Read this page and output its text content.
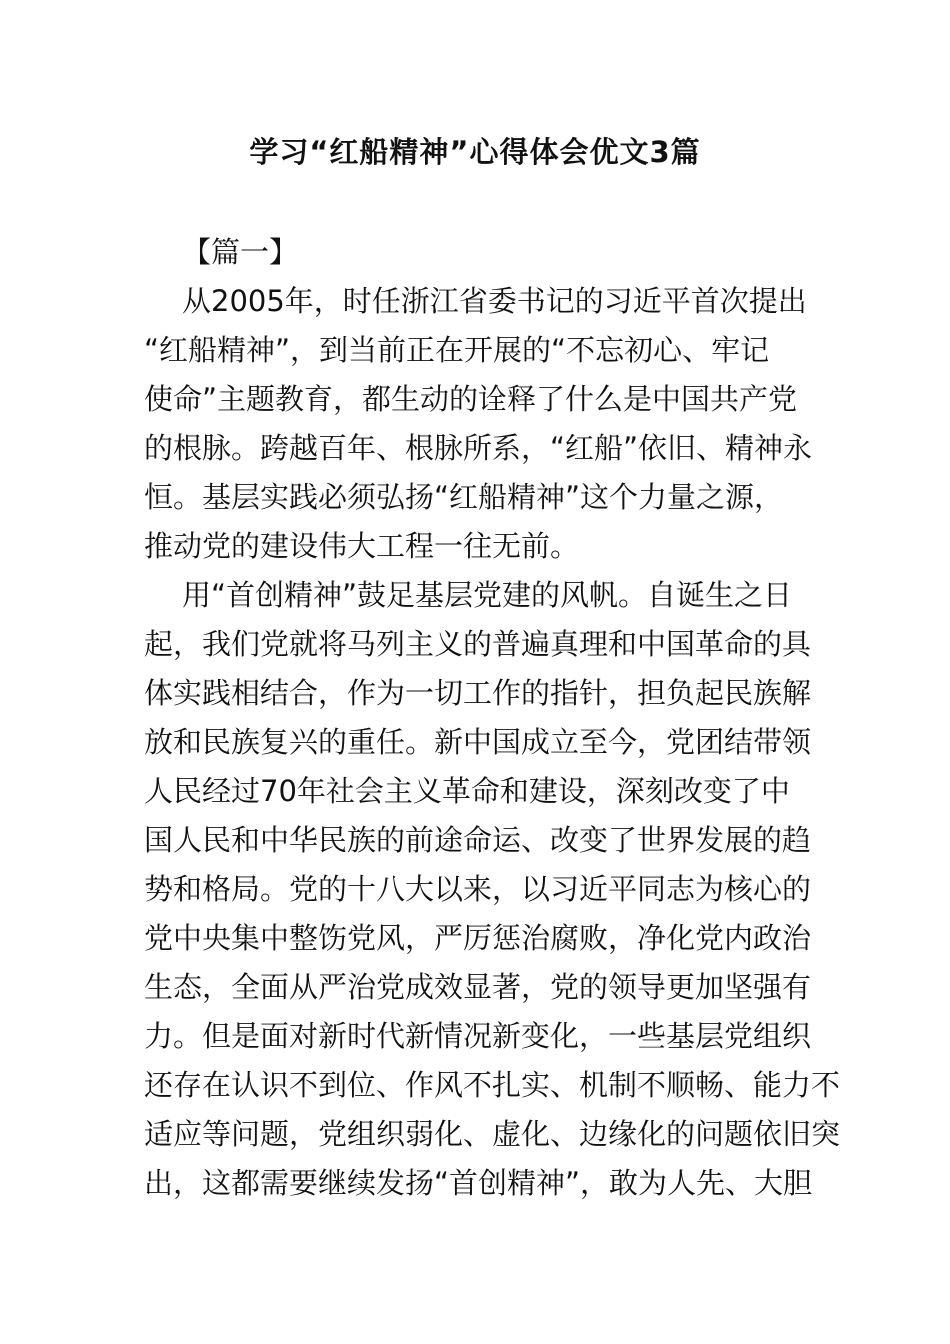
学习“红船精神”心得体会优文3篇
【篇一】
从2005年，时任浙江省委书记的习近平首次提出
“红船精神”，到当前正在开展的“不忘初心、牢记
使命”主题教育，都生动的诠释了什么是中国共产党
的根脉。跨越百年、根脉所系，“红船”依旧、精神永
恒。基层实践必须弘扬“红船精神”这个力量之源，
推动党的建设伟大工程一往无前。
用“首创精神”鼓足基层党建的风帆。自诞生之日
起，我们党就将马列主义的普遍真理和中国革命的具
体实践相结合，作为一切工作的指针，担负起民族解
放和民族复兴的重任。新中国成立至今，党团结带领
人民经过70年社会主义革命和建设，深刻改变了中
国人民和中华民族的前途命运、改变了世界发展的趋
势和格局。党的十八大以来，以习近平同志为核心的
党中央集中整饬党风，严厉惩治腐败，净化党内政治
生态，全面从严治党成效显著，党的领导更加坚强有
力。但是面对新时代新情况新变化，一些基层党组织
还存在认识不到位、作风不扎实、机制不顺畅、能力不
适应等问题，党组织弱化、虚化、边缘化的问题依旧突
出，这都需要继续发扬“首创精神”，敢为人先、大胆
